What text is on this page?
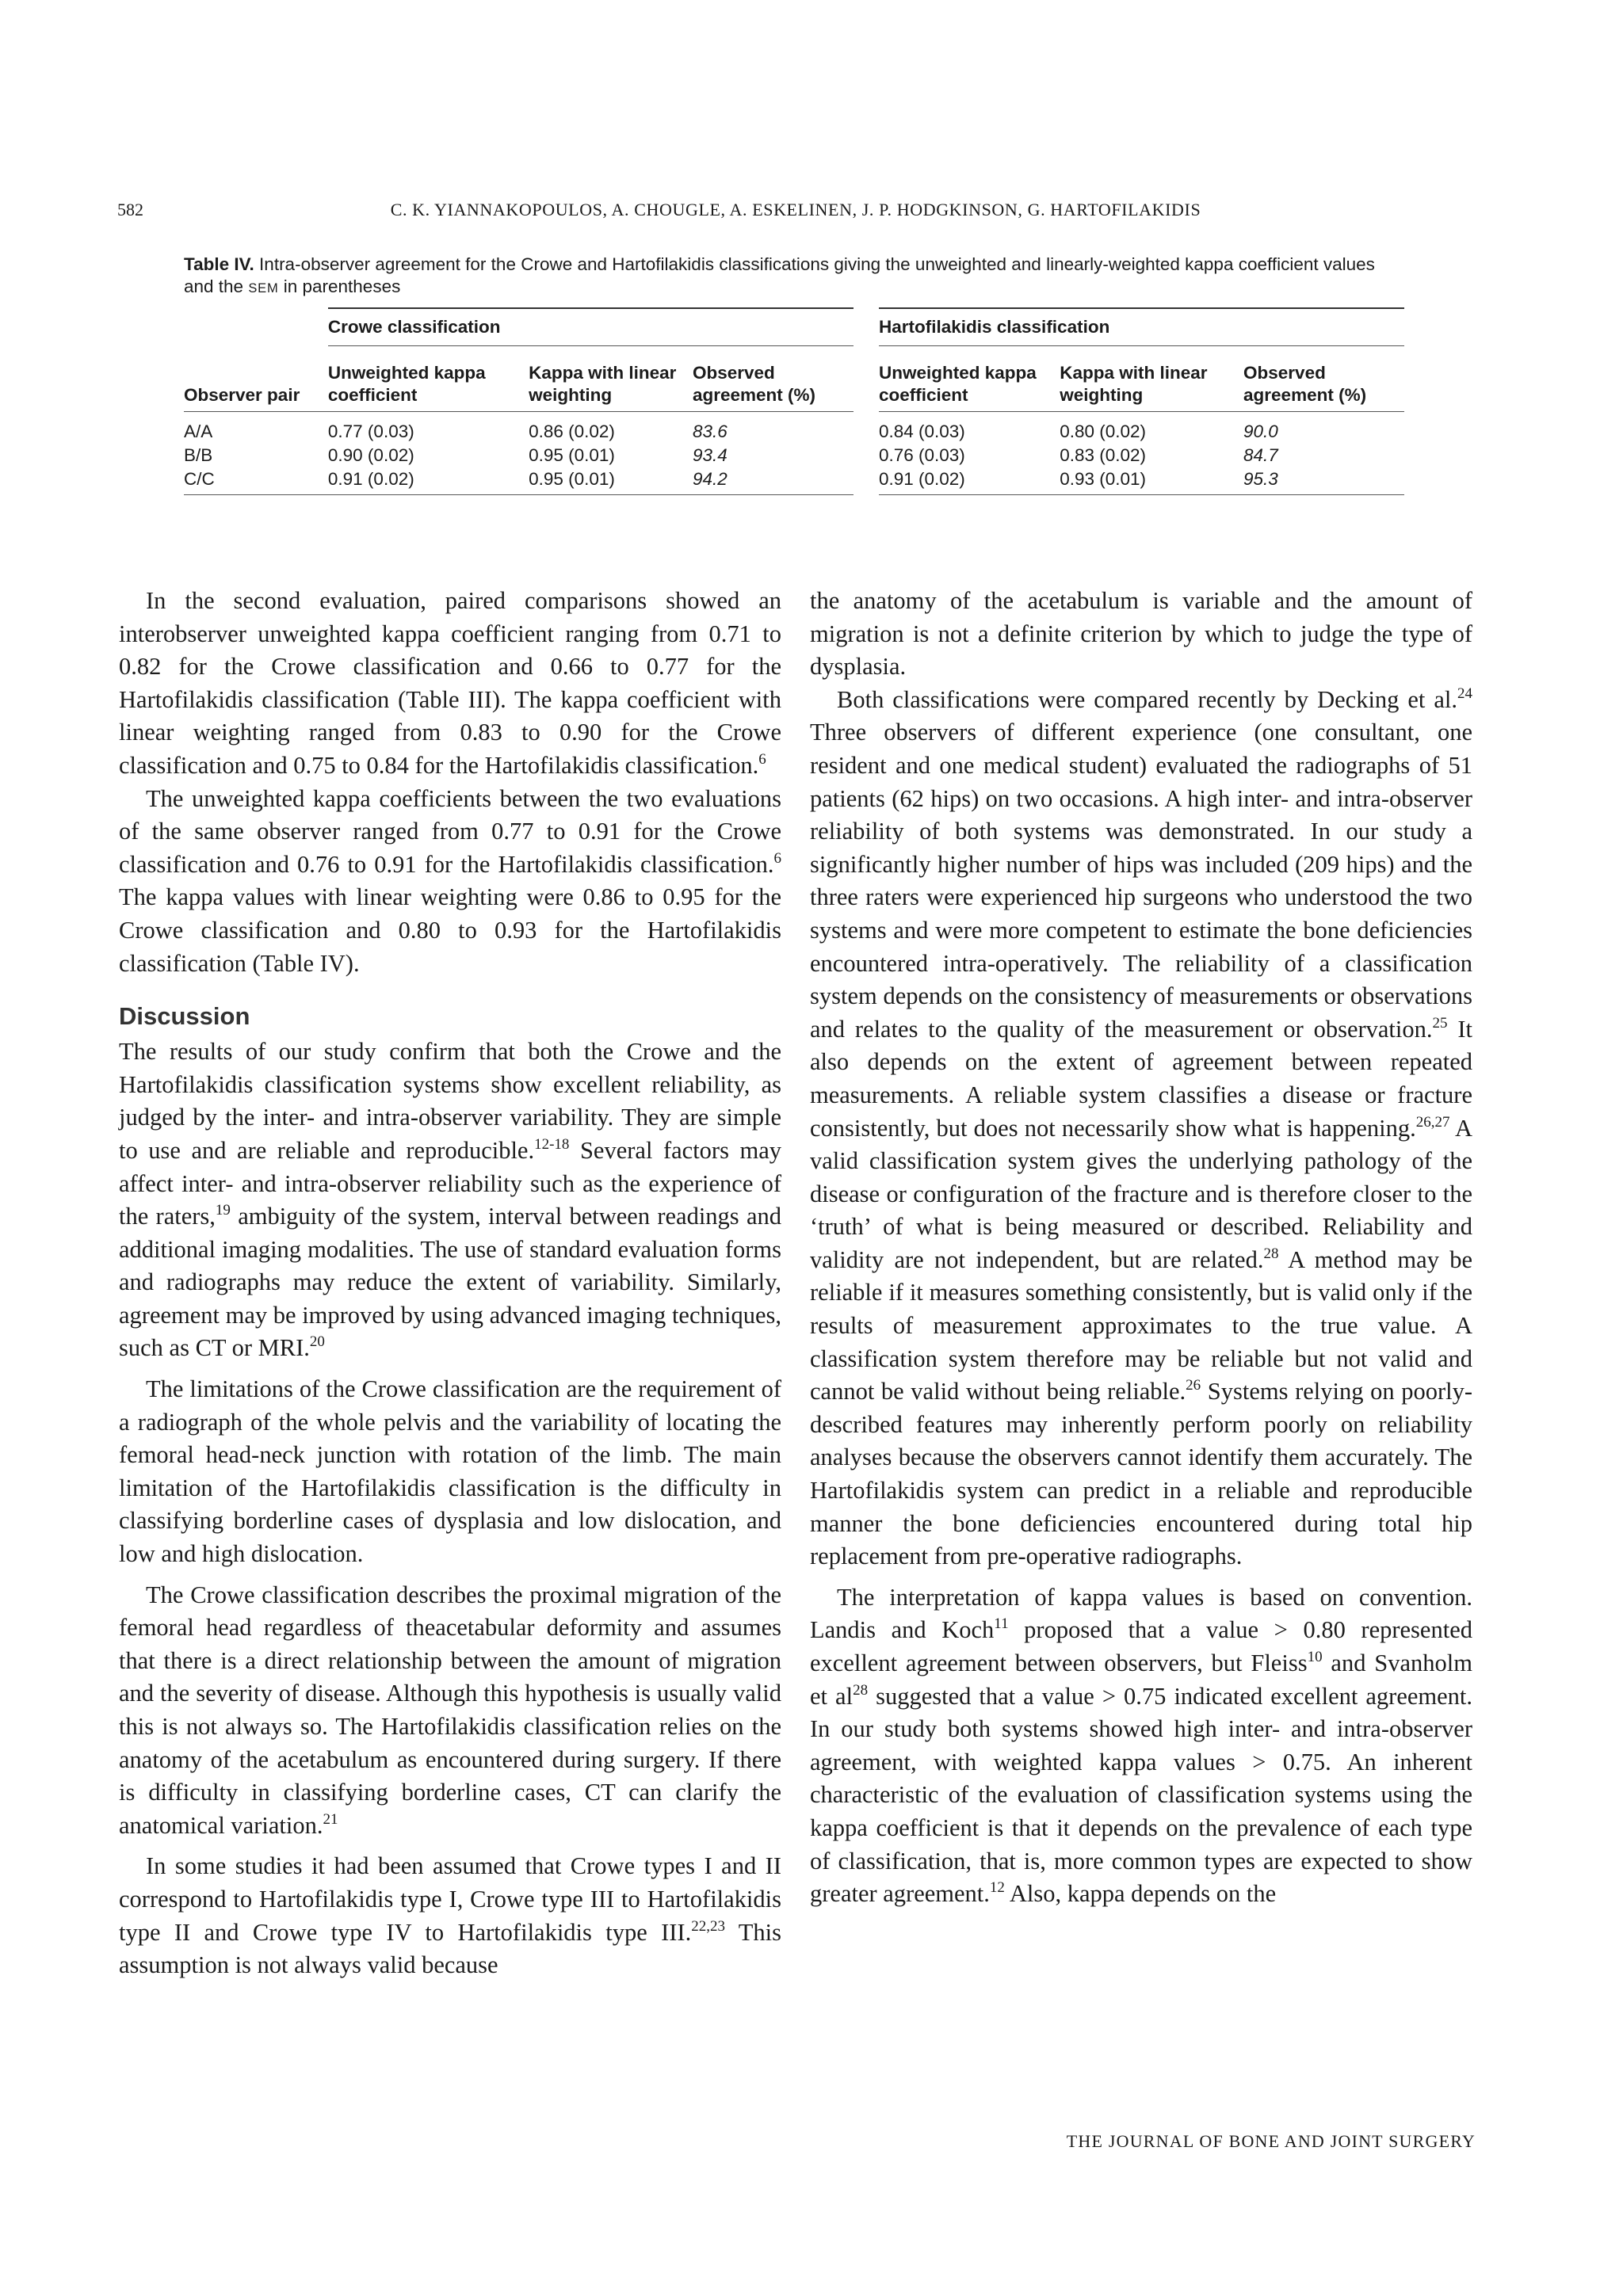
582	C. K. YIANNAKOPOULOS, A. CHOUGLE, A. ESKELINEN, J. P. HODGKINSON, G. HARTOFILAKIDIS

Table IV. Intra-observer agreement for the Crowe and Hartofilakidis classifications giving the unweighted and linearly-weighted kappa coefficient values and the SEM in parentheses

	Crowe classification				Hartofilakidis classification		
Observer pair	Unweighted kappa coefficient	Kappa with linear weighting	Observed agreement (%)		Unweighted kappa coefficient	Kappa with linear weighting	Observed agreement (%)
A/A	0.77 (0.03)	0.86 (0.02)	83.6		0.84 (0.03)	0.80 (0.02)	90.0
B/B	0.90 (0.02)	0.95 (0.01)	93.4		0.76 (0.03)	0.83 (0.02)	84.7
C/C	0.91 (0.02)	0.95 (0.01)	94.2		0.91 (0.02)	0.93 (0.01)	95.3

In the second evaluation, paired comparisons showed an interobserver unweighted kappa coefficient ranging from 0.71 to 0.82 for the Crowe classification and 0.66 to 0.77 for the Hartofilakidis classification (Table III). The kappa coefficient with linear weighting ranged from 0.83 to 0.90 for the Crowe classification and 0.75 to 0.84 for the Hartofilakidis classification.$^6$

The unweighted kappa coefficients between the two evaluations of the same observer ranged from 0.77 to 0.91 for the Crowe classification and 0.76 to 0.91 for the Hartofilakidis classification.$^6$ The kappa values with linear weighting were 0.86 to 0.95 for the Crowe classification and 0.80 to 0.93 for the Hartofilakidis classification (Table IV).

Discussion

The results of our study confirm that both the Crowe and the Hartofilakidis classification systems show excellent reliability, as judged by the inter- and intra-observer variability. They are simple to use and are reliable and reproducible.$^{12-18}$ Several factors may affect inter- and intra-observer reliability such as the experience of the raters,$^{19}$ ambiguity of the system, interval between readings and additional imaging modalities. The use of standard evaluation forms and radiographs may reduce the extent of variability. Similarly, agreement may be improved by using advanced imaging techniques, such as CT or MRI.$^{20}$

The limitations of the Crowe classification are the requirement of a radiograph of the whole pelvis and the variability of locating the femoral head-neck junction with rotation of the limb. The main limitation of the Hartofilakidis classification is the difficulty in classifying borderline cases of dysplasia and low dislocation, and low and high dislocation.

The Crowe classification describes the proximal migration of the femoral head regardless of theacetabular deformity and assumes that there is a direct relationship between the amount of migration and the severity of disease. Although this hypothesis is usually valid this is not always so. The Hartofilakidis classification relies on the anatomy of the acetabulum as encountered during surgery. If there is difficulty in classifying borderline cases, CT can clarify the anatomical variation.$^{21}$

In some studies it had been assumed that Crowe types I and II correspond to Hartofilakidis type I, Crowe type III to Hartofilakidis type II and Crowe type IV to Hartofilakidis type III.$^{22,23}$ This assumption is not always valid because

the anatomy of the acetabulum is variable and the amount of migration is not a definite criterion by which to judge the type of dysplasia.

Both classifications were compared recently by Decking et al.$^{24}$ Three observers of different experience (one consultant, one resident and one medical student) evaluated the radiographs of 51 patients (62 hips) on two occasions. A high inter- and intra-observer reliability of both systems was demonstrated. In our study a significantly higher number of hips was included (209 hips) and the three raters were experienced hip surgeons who understood the two systems and were more competent to estimate the bone deficiencies encountered intra-operatively. The reliability of a classification system depends on the consistency of measurements or observations and relates to the quality of the measurement or observation.$^{25}$ It also depends on the extent of agreement between repeated measurements. A reliable system classifies a disease or fracture consistently, but does not necessarily show what is happening.$^{26,27}$ A valid classification system gives the underlying pathology of the disease or configuration of the fracture and is therefore closer to the ‘truth’ of what is being measured or described. Reliability and validity are not independent, but are related.$^{28}$ A method may be reliable if it measures something consistently, but is valid only if the results of measurement approximates to the true value. A classification system therefore may be reliable but not valid and cannot be valid without being reliable.$^{26}$ Systems relying on poorly-described features may inherently perform poorly on reliability analyses because the observers cannot identify them accurately. The Hartofilakidis system can predict in a reliable and reproducible manner the bone deficiencies encountered during total hip replacement from pre-operative radiographs.

The interpretation of kappa values is based on convention. Landis and Koch$^{11}$ proposed that a value > 0.80 represented excellent agreement between observers, but Fleiss$^{10}$ and Svanholm et $al^{28}$ suggested that a value > 0.75 indicated excellent agreement. In our study both systems showed high inter- and intra-observer agreement, with weighted kappa values > 0.75. An inherent characteristic of the evaluation of classification systems using the kappa coefficient is that it depends on the prevalence of each type of classification, that is, more common types are expected to show greater agreement.$^{12}$ Also, kappa depends on the

THE JOURNAL OF BONE AND JOINT SURGERY
